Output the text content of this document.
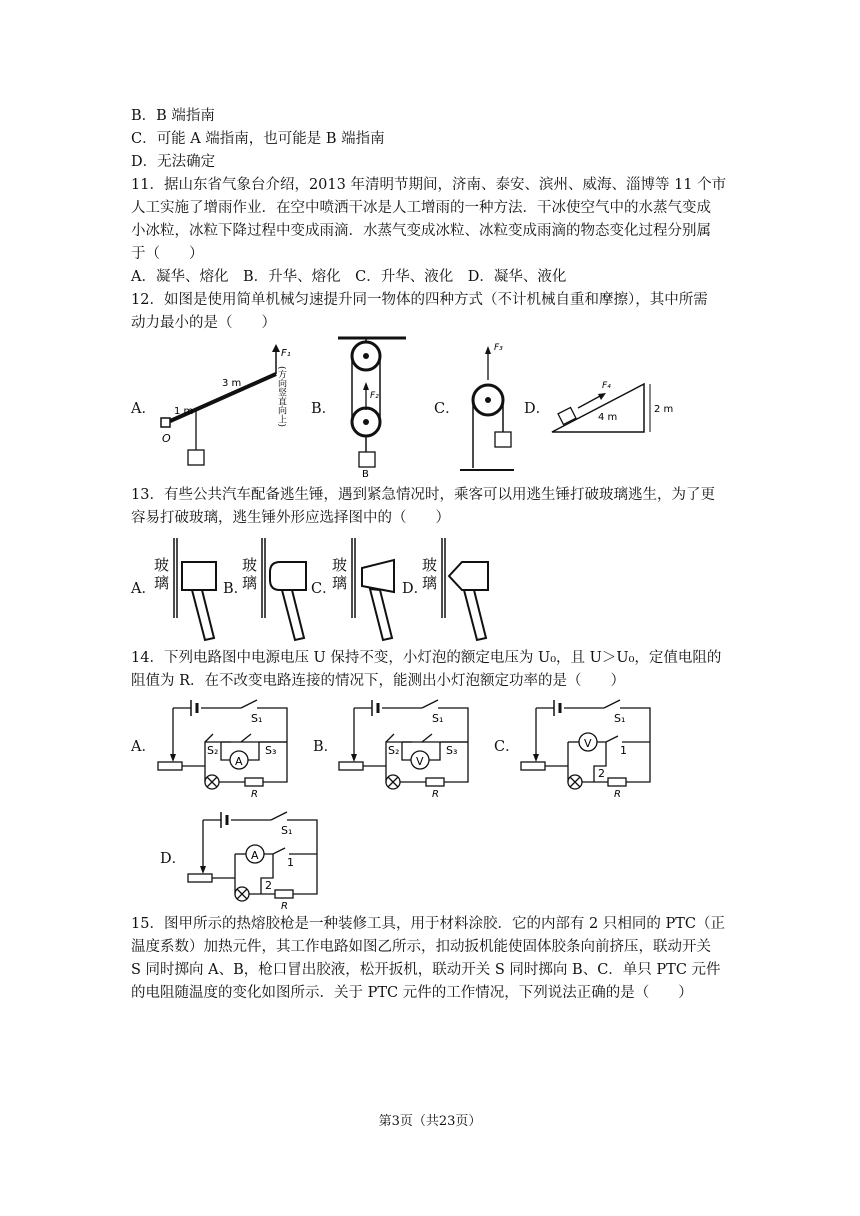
B．B 端指南
C．可能 A 端指南，也可能是 B 端指南
D．无法确定
11．据山东省气象台介绍，2013 年清明节期间，济南、泰安、滨州、威海、淄博等 11 个市
人工实施了增雨作业．在空中喷洒干冰是人工增雨的一种方法．干冰使空气中的水蒸气变成
小冰粒，冰粒下降过程中变成雨滴．水蒸气变成冰粒、冰粒变成雨滴的物态变化过程分别属
于（　　）
A．凝华、熔化　B．升华、熔化　C．升华、液化　D．凝华、液化
12．如图是使用简单机械匀速提升同一物体的四种方式（不计机械自重和摩擦），其中所需
动力最小的是（　　）
A．	B．	C．	D．
O
1 m
3 m
F₁
(方向竖直向上)	F₂
B
F₃
F₄
4 m
2 m
13．有些公共汽车配备逃生锤，遇到紧急情况时，乘客可以用逃生锤打破玻璃逃生，为了更
容易打破玻璃，逃生锤外形应选择图中的（　　）
A．	B．	C．	D．
玻
璃
玻
璃
玻
璃
玻
璃
14．下列电路图中电源电压 U 保持不变，小灯泡的额定电压为 U₀，且 U＞U₀，定值电阻的
阻值为 R．在不改变电路连接的情况下，能测出小灯泡额定功率的是（　　）
A．	B．	C．
D．
A
S₁
S₂	S₃
R
V
S₁
S₂	S₃
R
V
S₁
1
2
R
A
S₁
1
2
R
15．图甲所示的热熔胶枪是一种装修工具，用于材料涂胶．它的内部有 2 只相同的 PTC（正
温度系数）加热元件，其工作电路如图乙所示，扣动扳机能使固体胶条向前挤压，联动开关
S 同时掷向 A、B，枪口冒出胶液，松开扳机，联动开关 S 同时掷向 B、C．单只 PTC 元件
的电阻随温度的变化如图所示．关于 PTC 元件的工作情况，下列说法正确的是（　　）
第3页（共23页）
